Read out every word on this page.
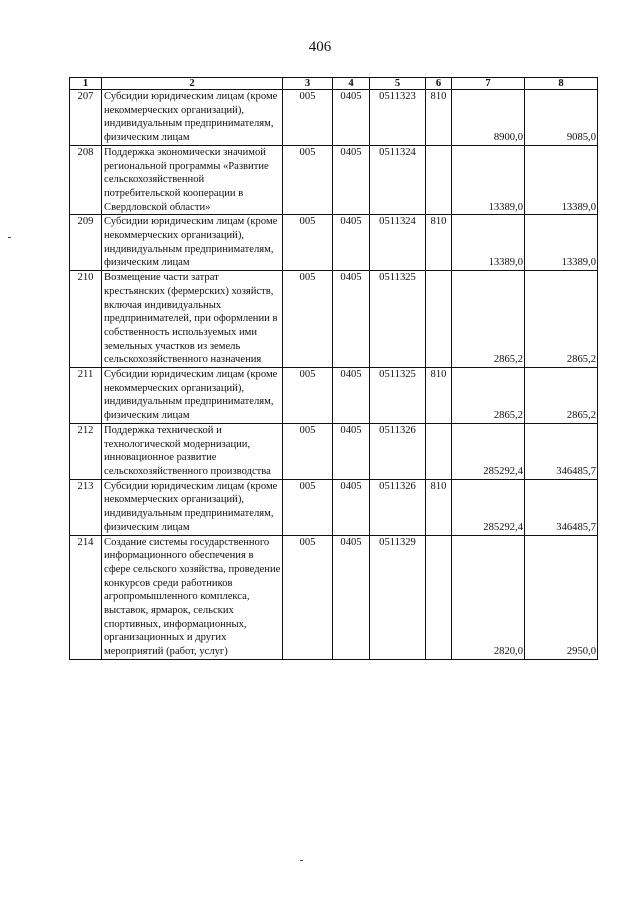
406
1	2	3	4	5	6	7	8
207	Субсидии юридическим лицам (кроме некоммерческих организаций), индивидуальным предпринимателям, физическим лицам	005	0405	0511323	810	8900,0	9085,0
208	Поддержка экономически значимой региональной программы «Развитие сельскохозяйственной потребительской кооперации в Свердловской области»	005	0405	0511324		13389,0	13389,0
209	Субсидии юридическим лицам (кроме некоммерческих организаций), индивидуальным предпринимателям, физическим лицам	005	0405	0511324	810	13389,0	13389,0
210	Возмещение части затрат крестьянских (фермерских) хозяйств, включая индивидуальных предпринимателей, при оформлении в собственность используемых ими земельных участков из земель сельскохозяйственного назначения	005	0405	0511325		2865,2	2865,2
211	Субсидии юридическим лицам (кроме некоммерческих организаций), индивидуальным предпринимателям, физическим лицам	005	0405	0511325	810	2865,2	2865,2
212	Поддержка технической и технологической модернизации, инновационное развитие сельскохозяйственного производства	005	0405	0511326		285292,4	346485,7
213	Субсидии юридическим лицам (кроме некоммерческих организаций), индивидуальным предпринимателям, физическим лицам	005	0405	0511326	810	285292,4	346485,7
214	Создание системы государственного информационного обеспечения в сфере сельского хозяйства, проведение конкурсов среди работников агропромышленного комплекса, выставок, ярмарок, сельских спортивных, информационных, организационных и других мероприятий (работ, услуг)	005	0405	0511329		2820,0	2950,0
